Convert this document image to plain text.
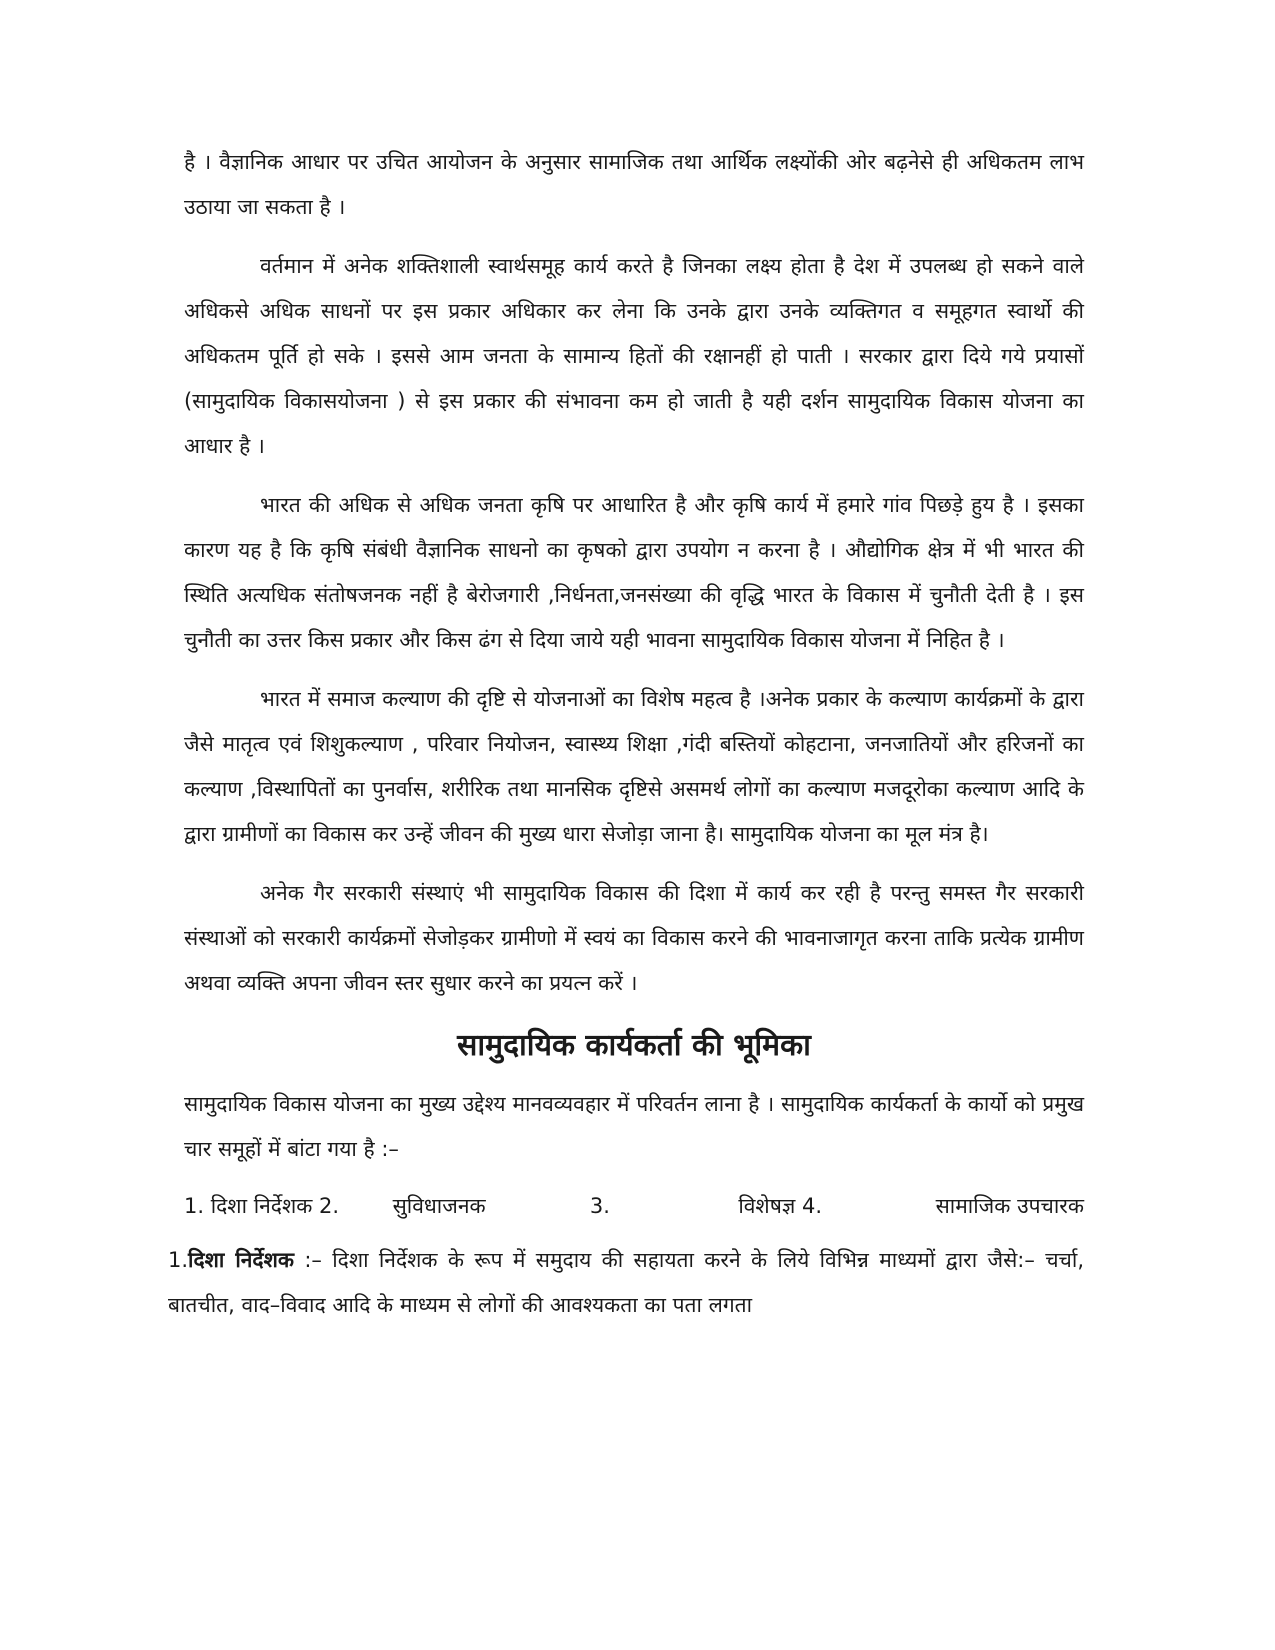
है । वैज्ञानिक आधार पर उचित आयोजन के अनुसार सामाजिक तथा आर्थिक लक्ष्योंकी ओर बढ़नेसे ही अधिकतम लाभ उठाया जा सकता है ।

वर्तमान में अनेक शक्तिशाली स्वार्थसमूह कार्य करते है जिनका लक्ष्य होता है देश में उपलब्ध हो सकने वाले अधिकसे अधिक साधनों पर इस प्रकार अधिकार कर लेना कि उनके द्वारा उनके व्यक्तिगत व समूहगत स्वार्थो की अधिकतम पूर्ति हो सके । इससे आम जनता के सामान्य हितों की रक्षानहीं हो पाती । सरकार द्वारा दिये गये प्रयासों (सामुदायिक विकासयोजना ) से इस प्रकार की संभावना कम हो जाती है यही दर्शन सामुदायिक विकास योजना का आधार है ।

भारत की अधिक से अधिक जनता कृषि पर आधारित है और कृषि कार्य में हमारे गांव पिछड़े हुय है । इसका कारण यह है कि कृषि संबंधी वैज्ञानिक साधनो का कृषको द्वारा उपयोग न करना है । औद्योगिक क्षेत्र में भी भारत की स्थिति अत्यधिक संतोषजनक नहीं है बेरोजगारी ,निर्धनता,जनसंख्या की वृद्धि भारत के विकास में चुनौती देती है । इस चुनौती का उत्तर किस प्रकार और किस ढंग से दिया जाये यही भावना सामुदायिक विकास योजना में निहित है ।

भारत में समाज कल्याण की दृष्टि से योजनाओं का विशेष महत्व है ।अनेक प्रकार के कल्याण कार्यक्रमों के द्वारा जैसे मातृत्व एवं शिशुकल्याण , परिवार नियोजन, स्वास्थ्य शिक्षा ,गंदी बस्तियों कोहटाना, जनजातियों और हरिजनों का कल्याण ,विस्थापितों का पुनर्वास, शरीरिक तथा मानसिक दृष्टिसे असमर्थ लोगों का कल्याण मजदूरोका कल्याण आदि के द्वारा ग्रामीणों का विकास कर उन्हें जीवन की मुख्य धारा सेजोड़ा जाना है। सामुदायिक योजना का मूल मंत्र है।

अनेक गैर सरकारी संस्थाएं भी सामुदायिक विकास की दिशा में कार्य कर रही है परन्तु समस्त गैर सरकारी संस्थाओं को सरकारी कार्यक्रमों सेजोड़कर ग्रामीणो में स्वयं का विकास करने की भावनाजागृत करना ताकि प्रत्येक ग्रामीण अथवा व्यक्ति अपना जीवन स्तर सुधार करने का प्रयत्न करें ।

सामुदायिक कार्यकर्ता की भूमिका

सामुदायिक विकास योजना का मुख्य उद्देश्य मानवव्यवहार में परिवर्तन लाना है । सामुदायिक कार्यकर्ता के कार्यो को प्रमुख चार समूहों में बांटा गया है :–

1. दिशा निर्देशक 2.	सुविधाजनक	3.	विशेषज्ञ 4.	सामाजिक उपचारक

1.दिशा निर्देशक :– दिशा निर्देशक के रूप में समुदाय की सहायता करने के लिये विभिन्न माध्यमों द्वारा जैसे:– चर्चा, बातचीत, वाद–विवाद आदि के माध्यम से लोगों की आवश्यकता का पता लगता
